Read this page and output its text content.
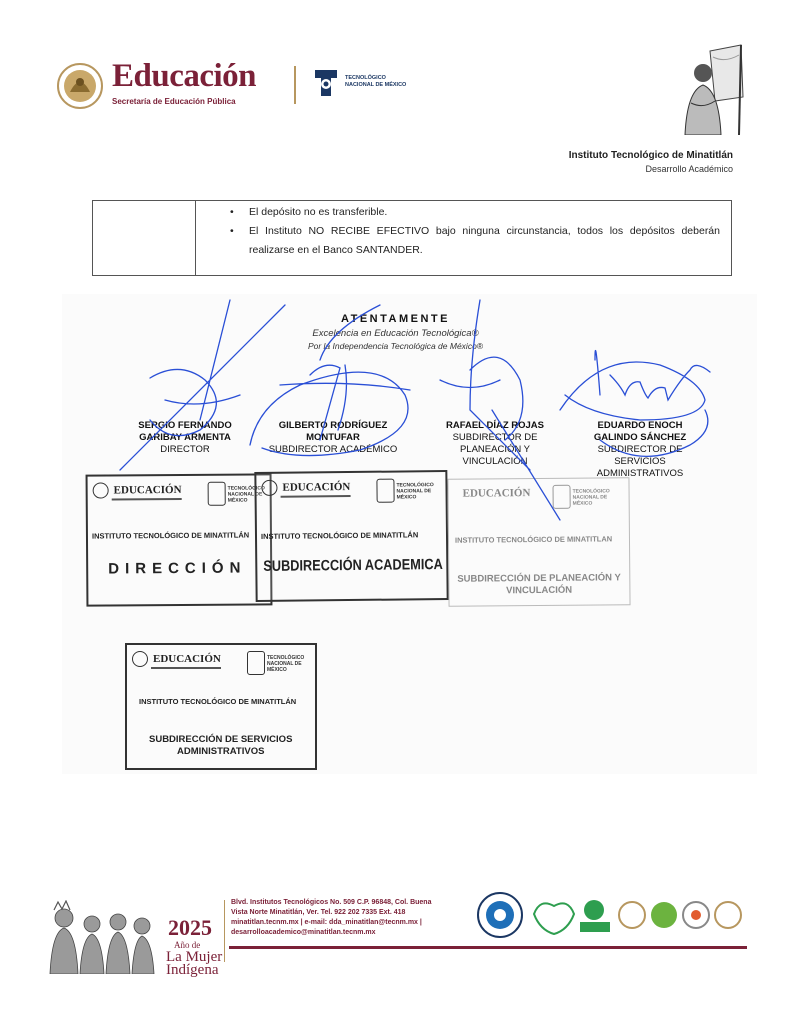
Educación
Secretaría de Educación Pública
TECNOLÓGICO
NACIONAL DE MÉXICO
Instituto Tecnológico de Minatitlán
Desarrollo Académico
• El depósito no es transferible.
• El Instituto NO RECIBE EFECTIVO bajo ninguna circunstancia, todos los depósitos deberán realizarse en el Banco SANTANDER.
ATENTAMENTE
Excelencia en Educación Tecnológica®
Por la Independencia Tecnológica de México®
SERGIO FERNANDO
GARIBAY ARMENTA
DIRECTOR
GILBERTO RODRÍGUEZ
MONTUFAR
SUBDIRECTOR ACADÉMICO
RAFAEL DÍAZ ROJAS
SUBDIRECTOR DE
PLANEACIÓN Y
VINCULACIÓN
EDUARDO ENOCH
GALINDO SÁNCHEZ
SUBDIRECTOR DE
SERVICIOS
ADMINISTRATIVOS
EDUCACIÓN	TECNOLÓGICO NACIONAL DE MÉXICO
INSTITUTO TECNOLÓGICO DE MINATITLÁN
DIRECCIÓN
EDUCACIÓN	TECNOLÓGICO NACIONAL DE MÉXICO
INSTITUTO TECNOLÓGICO DE MINATITLÁN
SUBDIRECCIÓN ACADEMICA
EDUCACIÓN	TECNOLÓGICO NACIONAL DE MÉXICO
INSTITUTO TECNOLÓGICO DE MINATITLAN
SUBDIRECCIÓN DE PLANEACIÓN Y
VINCULACIÓN
EDUCACIÓN	TECNOLÓGICO NACIONAL DE MÉXICO
INSTITUTO TECNOLÓGICO DE MINATITLÁN
SUBDIRECCIÓN DE SERVICIOS
ADMINISTRATIVOS
2025
Año de
La Mujer
Indígena
Blvd. Institutos Tecnológicos No. 509 C.P. 96848, Col. Buena
Vista Norte Minatitlán, Ver. Tel. 922 202 7335 Ext. 418
minatitlan.tecnm.mx | e-mail: dda_minatitlan@tecnm.mx |
desarrolloacademico@minatitlan.tecnm.mx
